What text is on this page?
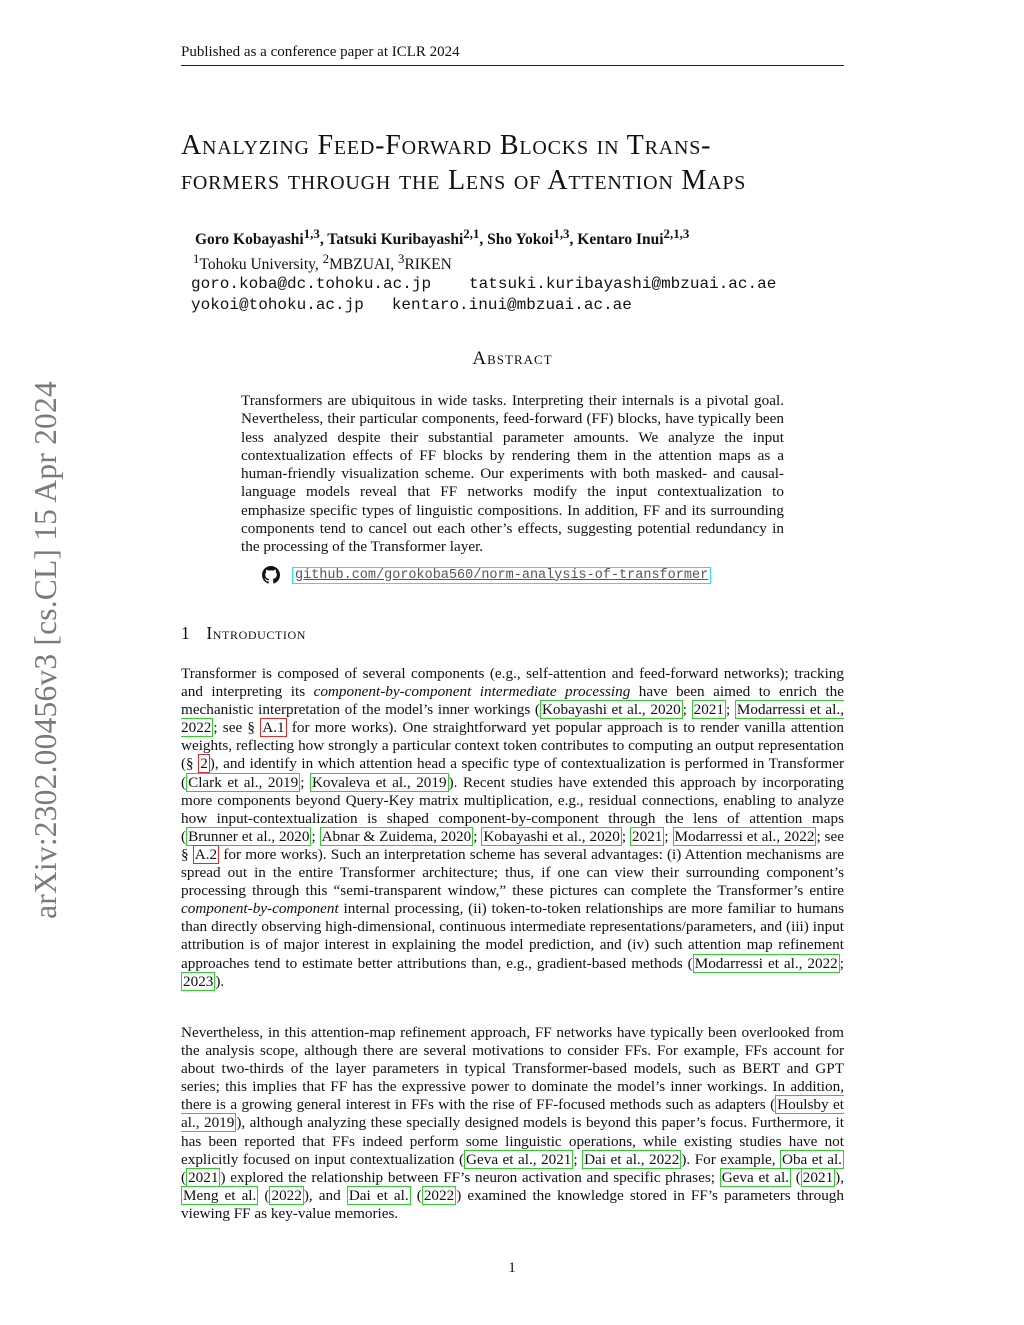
Published as a conference paper at ICLR 2024
arXiv:2302.00456v3 [cs.CL] 15 Apr 2024
Analyzing Feed-Forward Blocks in Trans-
formers through the Lens of Attention Maps
Goro Kobayashi$^{1,3}$, Tatsuki Kuribayashi$^{2,1}$, Sho Yokoi$^{1,3}$, Kentaro Inui$^{2,1,3}$
$^1$Tohoku University, $^2$MBZUAI, $^3$RIKEN
goro.koba@dc.tohoku.ac.jp tatsuki.kuribayashi@mbzuai.ac.ae
yokoi@tohoku.ac.jp kentaro.inui@mbzuai.ac.ae
Abstract

Transformers are ubiquitous in wide tasks. Interpreting their internals is a pivotal goal. Nevertheless, their particular components, feed-forward (FF) blocks, have typically been less analyzed despite their substantial parameter amounts. We analyze the input contextualization effects of FF blocks by rendering them in the attention maps as a human-friendly visualization scheme. Our experiments with both masked- and causal-language models reveal that FF networks modify the input contextualization to emphasize specific types of linguistic compositions. In addition, FF and its surrounding components tend to cancel out each other’s effects, suggesting potential redundancy in the processing of the Transformer layer.

github.com/gorokoba560/norm-analysis-of-transformer
1 Introduction

Transformer is composed of several components (e.g., self-attention and feed-forward networks); tracking and interpreting its component-by-component intermediate processing have been aimed to enrich the mechanistic interpretation of the model’s inner workings ( Kobayashi et al., 2020 ; 2021 ; Modarressi et al., 2022 ; see § A.1 for more works). One straightforward yet popular approach is to render vanilla attention weights, reflecting how strongly a particular context token contributes to computing an output representation (§ 2 ), and identify in which attention head a specific type of contextualization is performed in Transformer ( Clark et al., 2019 ; Kovaleva et al., 2019 ). Recent studies have extended this approach by incorporating more components beyond Query-Key matrix multiplication, e.g., residual connections, enabling to analyze how input-contextualization is shaped component-by-component through the lens of attention maps ( Brunner et al., 2020 ; Abnar & Zuidema, 2020 ; Kobayashi et al., 2020 ; 2021 ; Modarressi et al., 2022 ; see § A.2 for more works). Such an interpretation scheme has several advantages: (i) Attention mechanisms are spread out in the entire Transformer architecture; thus, if one can view their surrounding component’s processing through this “semi-transparent window,” these pictures can complete the Transformer’s entire component-by-component internal processing, (ii) token-to-token relationships are more familiar to humans than directly observing high-dimensional, continuous intermediate representations/parameters, and (iii) input attribution is of major interest in explaining the model prediction, and (iv) such attention map refinement approaches tend to estimate better attributions than, e.g., gradient-based methods ( Modarressi et al., 2022 ; 2023 ).

Nevertheless, in this attention-map refinement approach, FF networks have typically been overlooked from the analysis scope, although there are several motivations to consider FFs. For example, FFs account for about two-thirds of the layer parameters in typical Transformer-based models, such as BERT and GPT series; this implies that FF has the expressive power to dominate the model’s inner workings. In addition, there is a growing general interest in FFs with the rise of FF-focused methods such as adapters ( Houlsby et al., 2019 ), although analyzing these specially designed models is beyond this paper’s focus. Furthermore, it has been reported that FFs indeed perform some linguistic operations, while existing studies have not explicitly focused on input contextualization ( Geva et al., 2021 ; Dai et al., 2022 ). For example, Oba et al. ( 2021 ) explored the relationship between FF’s neuron activation and specific phrases; Geva et al. ( 2021 ), Meng et al. ( 2022 ), and Dai et al. ( 2022 ) examined the knowledge stored in FF’s parameters through viewing FF as key-value memories.

1
